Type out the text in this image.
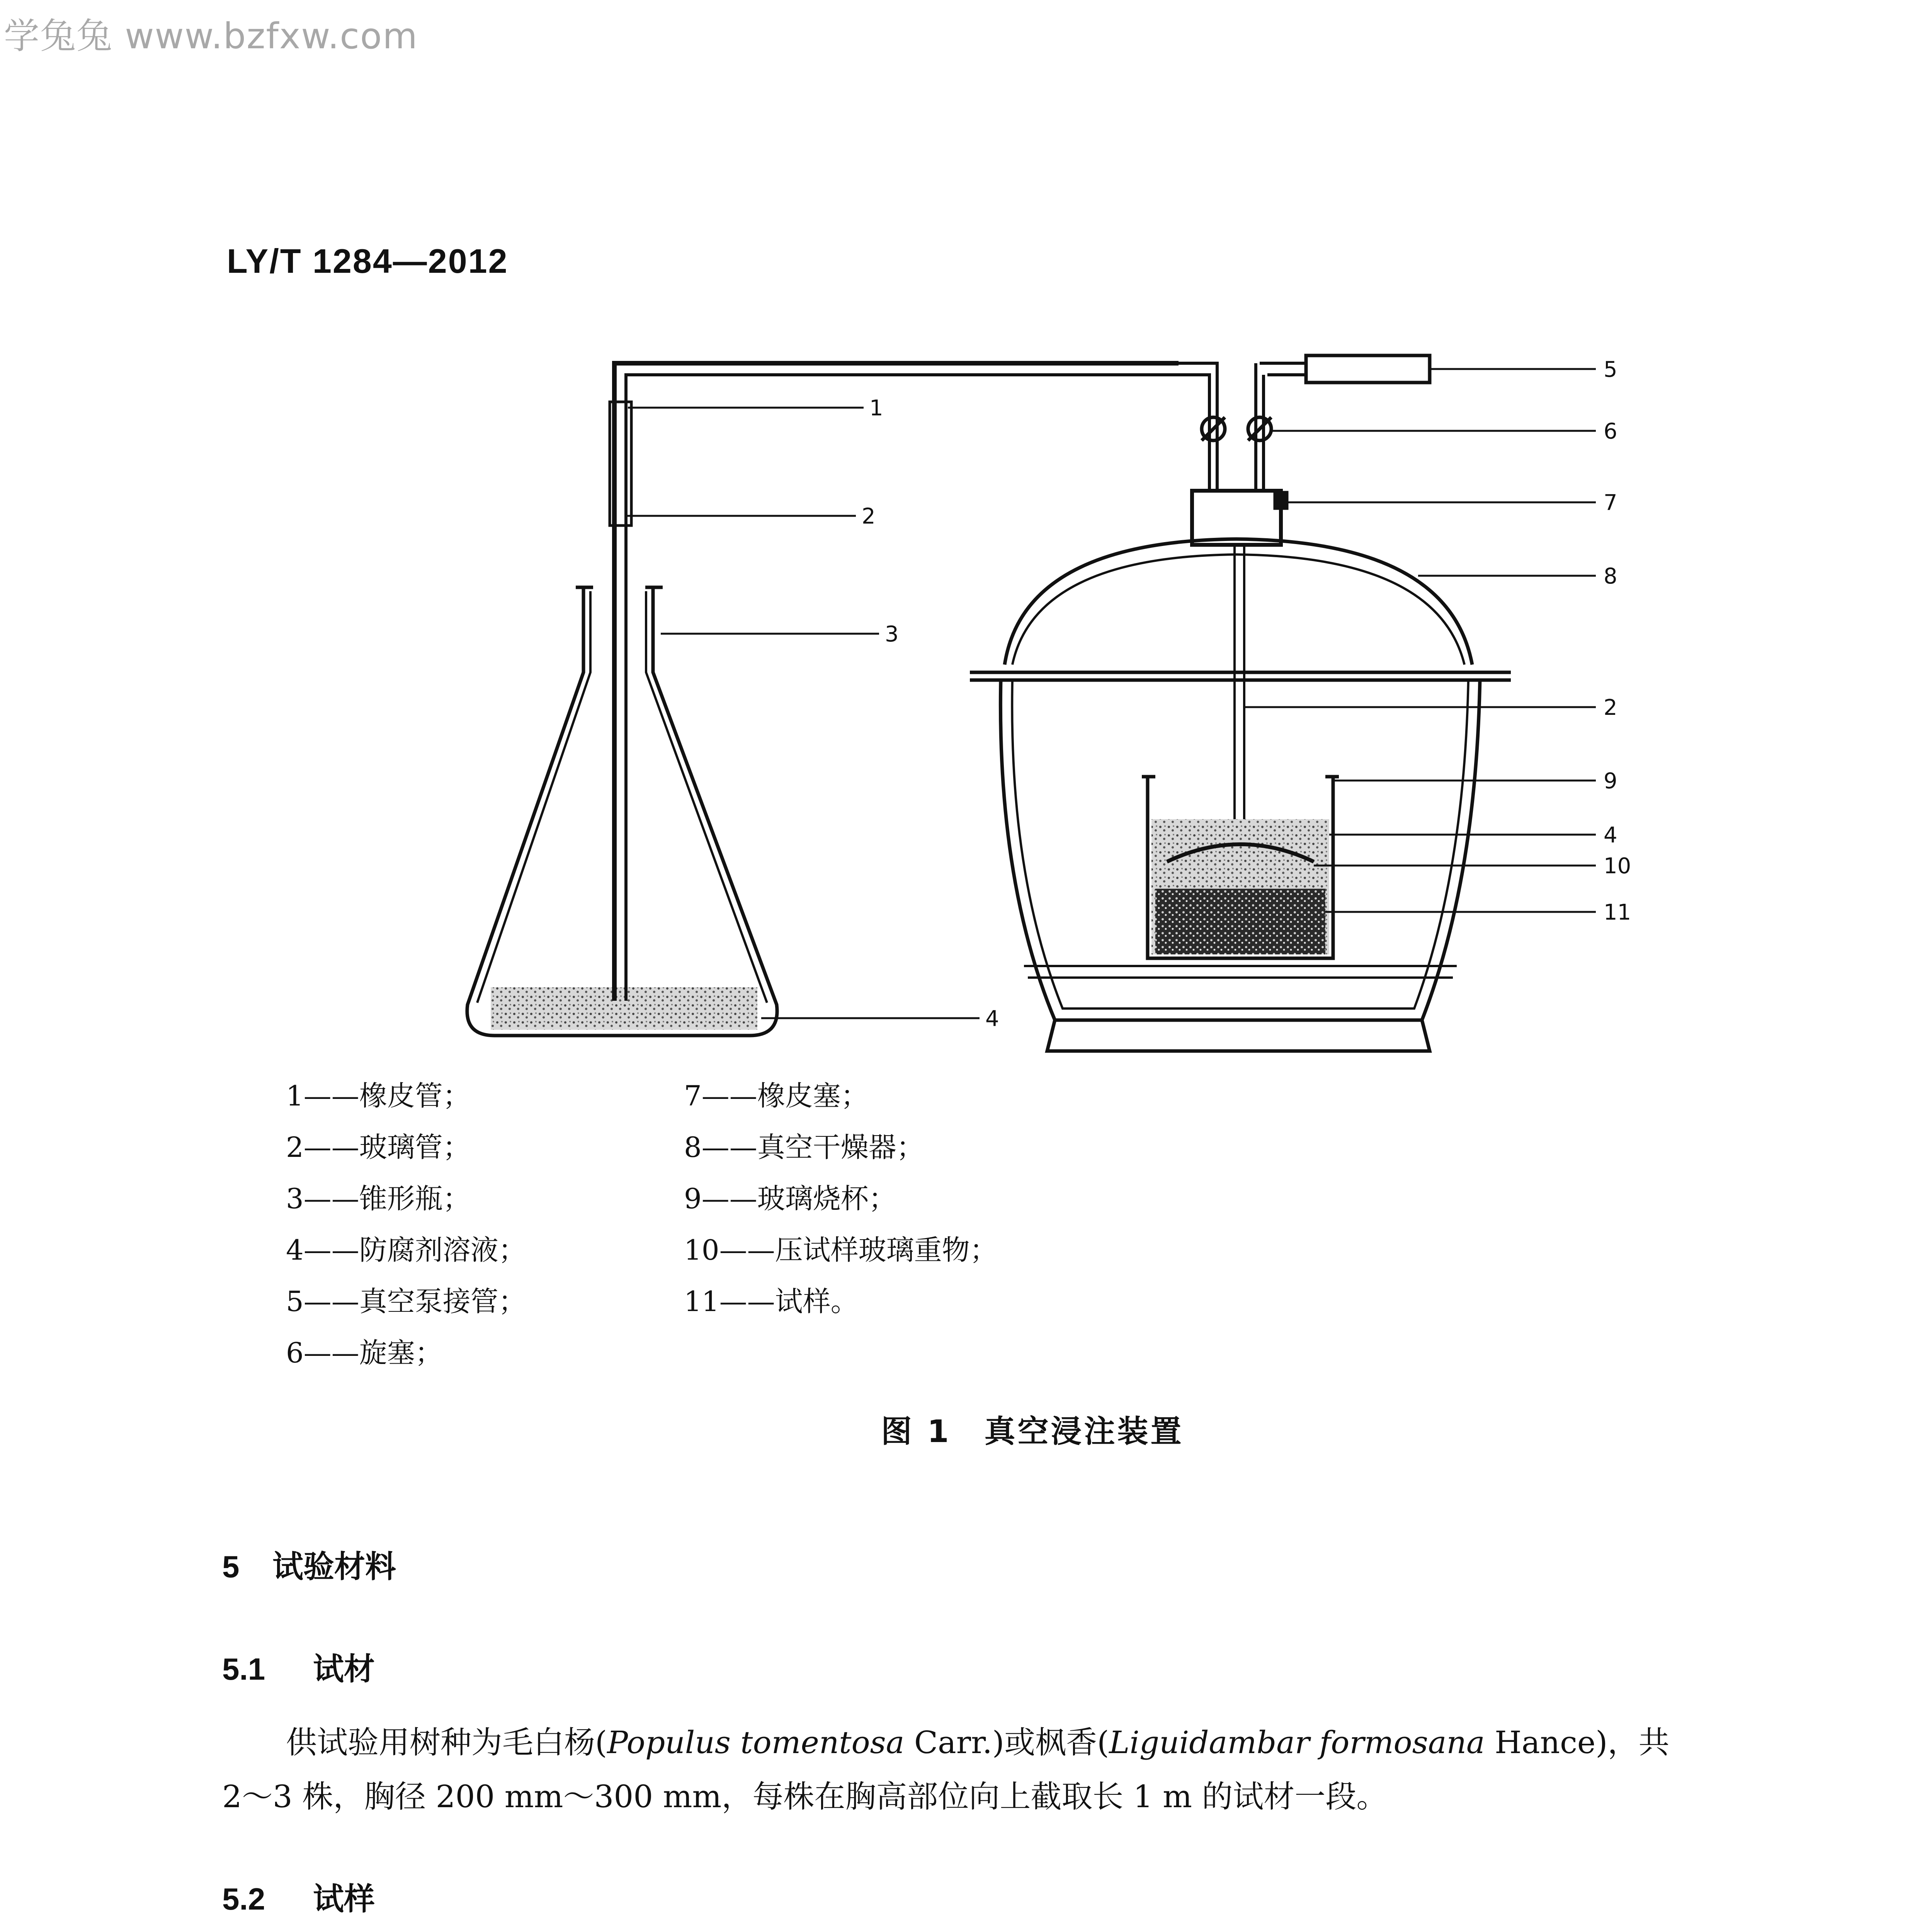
学兔兔 www.bzfxw.com
LY/T 1284—2012
1
2
3
4
5
6
7
8
2
9
4
10
11
1——橡皮管；
2——玻璃管；
3——锥形瓶；
4——防腐剂溶液；
5——真空泵接管；
6——旋塞；
7——橡皮塞；
8——真空干燥器；
9——玻璃烧杯；
10——压试样玻璃重物；
11——试样。
图 1　真空浸注装置
5 试验材料
5.1 试材
供试验用树种为毛白杨(Populus tomentosa Carr.)或枫香(Liguidambar formosana Hance)，共
2～3 株，胸径 200 mm～300 mm，每株在胸高部位向上截取长 1 m 的试材一段。
5.2 试样
